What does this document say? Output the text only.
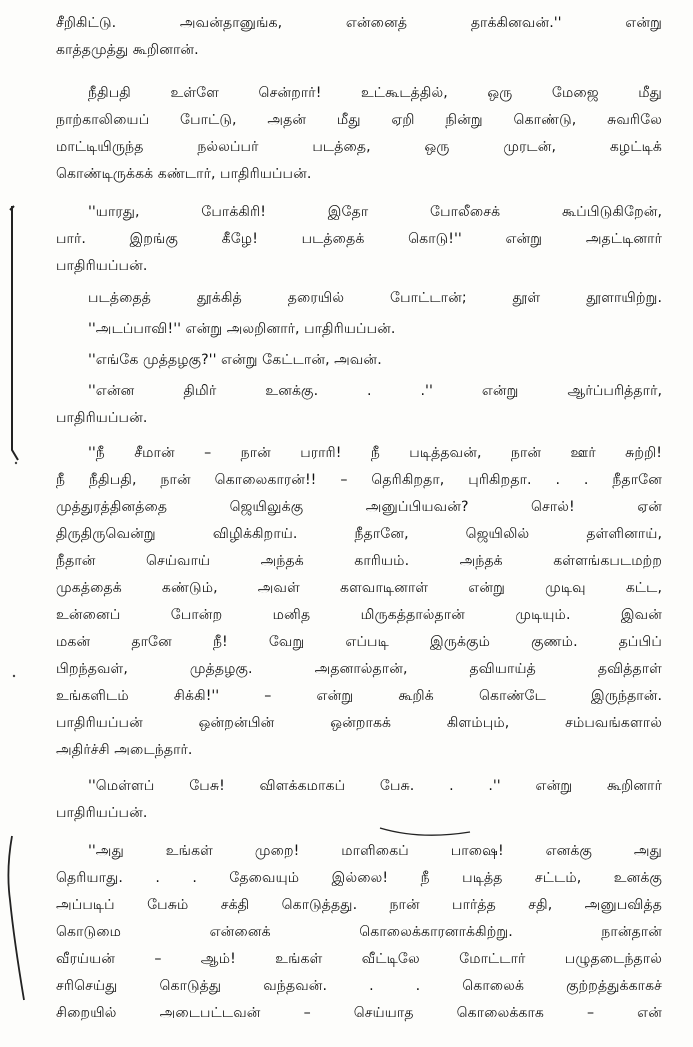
சீறிகிட்டு. அவன்தானுங்க, என்னைத் தாக்கினவன்.'' என்று
காத்தமுத்து கூறினான்.
நீதிபதி உள்ளே சென்றார்! உட்கூடத்தில், ஒரு மேஜை மீது
நாற்காலியைப் போட்டு, அதன் மீது ஏறி நின்று கொண்டு, சுவரிலே
மாட்டியிருந்த நல்லப்பர் படத்தை, ஒரு முரடன், கழட்டிக்
கொண்டிருக்கக் கண்டார், பாதிரியப்பன்.
''யாரது, போக்கிரி! இதோ போலீசைக் கூப்பிடுகிறேன்,
பார். இறங்கு கீழே! படத்தைக் கொடு!'' என்று அதட்டினார்
பாதிரியப்பன்.
படத்தைத் தூக்கித் தரையில் போட்டான்; தூள் தூளாயிற்று.
''அடப்பாவி!'' என்று அலறினார், பாதிரியப்பன்.
''எங்கே முத்தழகு?'' என்று கேட்டான், அவன்.
''என்ன திமிர் உனக்கு. . .'' என்று ஆர்ப்பரித்தார்,
பாதிரியப்பன்.
''நீ சீமான் – நான் பராரி! நீ படித்தவன், நான் ஊர் சுற்றி!
நீ நீதிபதி, நான் கொலைகாரன்!! – தெரிகிறதா, புரிகிறதா. . . நீதானே
முத்துரத்தினத்தை ஜெயிலுக்கு அனுப்பியவன்? சொல்! ஏன்
திருதிருவென்று விழிக்கிறாய். நீதானே, ஜெயிலில் தள்ளினாய்,
நீதான் செய்வாய் அந்தக் காரியம். அந்தக் கள்ளங்கபடமற்ற
முகத்தைக் கண்டும், அவள் களவாடினாள் என்று முடிவு கட்ட,
உன்னைப் போன்ற மனித மிருகத்தால்தான் முடியும். இவன்
மகன் தானே நீ! வேறு எப்படி இருக்கும் குணம். தப்பிப்
பிறந்தவள், முத்தழகு. அதனால்தான், தவியாய்த் தவித்தாள்
உங்களிடம் சிக்கி!'' – என்று கூறிக் கொண்டே இருந்தான்.
பாதிரியப்பன் ஒன்றன்பின் ஒன்றாகக் கிளம்பும், சம்பவங்களால்
அதிர்ச்சி அடைந்தார்.
''மெள்ளப் பேசு! விளக்கமாகப் பேசு. . .'' என்று கூறினார்
பாதிரியப்பன்.
''அது உங்கள் முறை! மாளிகைப் பாஷை! எனக்கு அது
தெரியாது. . . தேவையும் இல்லை! நீ படித்த சட்டம், உனக்கு
அப்படிப் பேசும் சக்தி கொடுத்தது. நான் பார்த்த சதி, அனுபவித்த
கொடுமை என்னைக் கொலைக்காரனாக்கிற்று. நான்தான்
வீரய்யன் – ஆம்! உங்கள் வீட்டிலே மோட்டார் பழுதடைந்தால்
சரிசெய்து கொடுத்து வந்தவன். . . கொலைக் குற்றத்துக்காகச்
சிறையில் அடைபட்டவன் – செய்யாத கொலைக்காக – என்
